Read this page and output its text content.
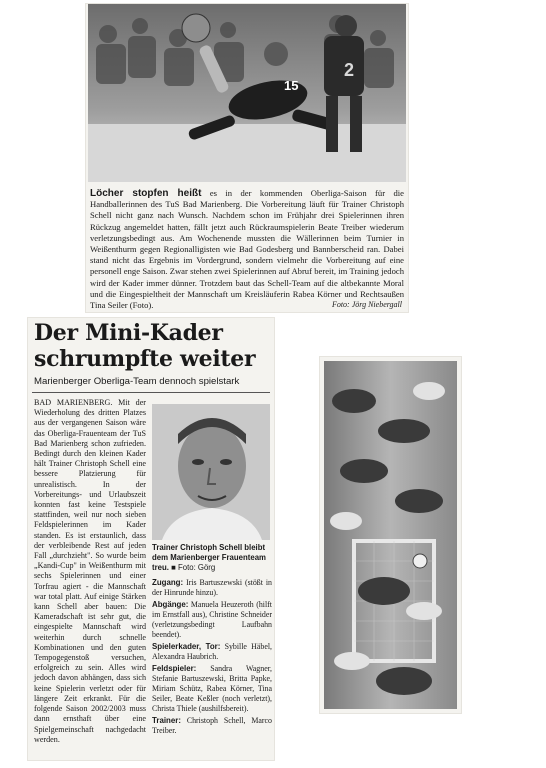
15
2
Löcher stopfen heißt es in der kommenden Oberliga-Saison für die Handballerinnen des TuS Bad Marienberg. Die Vorbereitung läuft für Trainer Christoph Schell nicht ganz nach Wunsch. Nachdem schon im Frühjahr drei Spielerinnen ihren Rückzug angemeldet hatten, fällt jetzt auch Rückraumspielerin Beate Treiber wiederum verletzungsbedingt aus. Am Wochenende mussten die Wällerinnen beim Turnier in Weißenthurm gegen Regionalligisten wie Bad Godesberg und Bannberscheid ran. Dabei stand nicht das Ergebnis im Vordergrund, sondern vielmehr die Vorbereitung auf eine personell enge Saison. Zwar stehen zwei Spielerinnen auf Abruf bereit, im Training jedoch wird der Kader immer dünner. Trotzdem baut das Schell-Team auf die altbekannte Moral und die Eingespieltheit der Mannschaft um Kreisläuferin Rabea Körner und Rechtsaußen Tina Seiler (Foto).	Foto: Jörg Niebergall
Der Mini-Kader schrumpfte weiter
Marienberger Oberliga-Team dennoch spielstark
BAD MARIENBERG. Mit der Wiederholung des dritten Platzes aus der vergangenen Saison wäre das Oberliga-Frauenteam der TuS Bad Marienberg schon zufrieden. Bedingt durch den kleinen Kader hält Trainer Christoph Schell eine bessere Platzierung für unrealistisch. In der Vorbereitungs- und Urlaubszeit konnten fast keine Testspiele stattfinden, weil nur noch sieben Feldspielerinnen im Kader standen. Es ist erstaunlich, dass der verbleibende Rest auf jeden Fall „durchzieht". So wurde beim „Kandi-Cup" in Weißenthurm mit sechs Spielerinnen und einer Torfrau agiert - die Mannschaft war total platt. Auf einige Stärken kann Schell aber bauen: Die Kameradschaft ist sehr gut, die eingespielte Mannschaft wird weiterhin durch schnelle Kombinationen und den guten Tempogegenstoß versuchen, erfolgreich zu sein. Alles wird jedoch davon abhängen, dass sich keine Spielerin verletzt oder für längere Zeit erkrankt. Für die folgende Saison 2002/2003 muss dann ernsthaft über eine Spielgemeinschaft nachgedacht werden.
Trainer Christoph Schell bleibt dem Marienberger Frauenteam treu. ■ Foto: Görg

Zugang: Iris Bartuszewski (stößt in der Hinrunde hinzu).

Abgänge: Manuela Heuzeroth (hilft im Ernstfall aus), Christine Schneider (verletzungsbedingt Laufbahn beendet).

Spielerkader, Tor: Sybille Häbel, Alexandra Haubrich.

Feldspieler: Sandra Wagner, Stefanie Bartuszewski, Britta Papke, Miriam Schütz, Rabea Körner, Tina Seiler, Beate Keßler (noch verletzt), Christa Thiele (aushilfsbereit).

Trainer: Christoph Schell, Marco Treiber.
